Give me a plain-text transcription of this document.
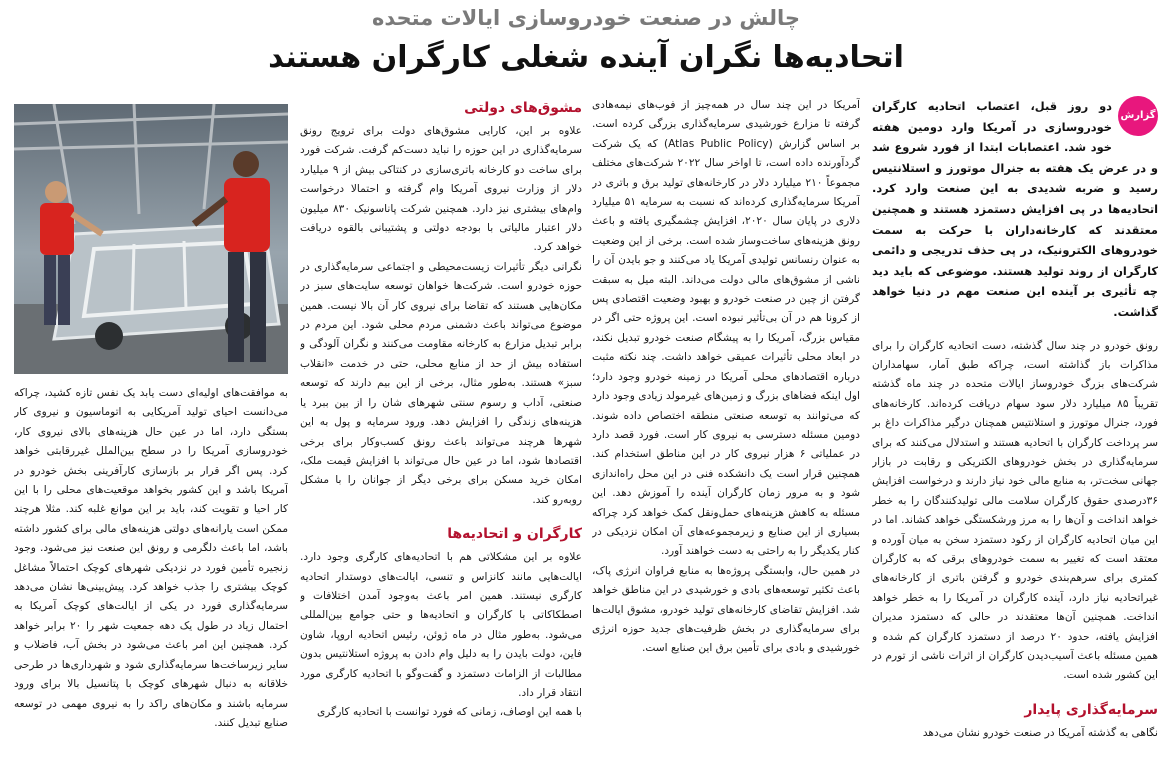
چالش در صنعت خودروسازی ایالات متحده
اتحادیه‌ها نگران آینده شغلی کارگران هستند
گزارش

دو روز قبل، اعتصاب اتحادیه کارگران خودروسازی در آمریکا وارد دومین هفته خود شد. اعتصابات ابتدا از فورد شروع شد و در عرض یک هفته به جنرال موتورز و استلانتیس رسید و ضربه شدیدی به این صنعت وارد کرد. اتحادیه‌ها در پی افزایش دستمزد هستند و همچنین معتقدند که کارخانه‌داران با حرکت به سمت خودروهای الکترونیک، در پی حذف تدریجی و دائمی کارگران از روند تولید هستند. موضوعی که باید دید چه تأثیری بر آینده این صنعت مهم در دنیا خواهد گذاشت.

رونق خودرو در چند سال گذشته، دست اتحادیه کارگران را برای مذاکرات باز گذاشته است، چراکه طبق آمار، سهامداران شرکت‌های بزرگ خودروساز ایالات متحده در چند ماه گذشته تقریباً ۸۵ میلیارد دلار سود سهام دریافت کرده‌اند. کارخانه‌های فورد، جنرال موتورز و استلانتیس همچنان درگیر مذاکرات داغ بر سر پرداخت کارگران با اتحادیه هستند و استدلال می‌کنند که برای سرمایه‌گذاری در بخش خودروهای الکتریکی و رقابت در بازار جهانی سخت‌تر، به منابع مالی خود نیاز دارند و درخواست افزایش ۳۶درصدی حقوق کارگران سلامت مالی تولیدکنندگان را به خطر خواهد انداخت و آن‌ها را به مرز ورشکستگی خواهد کشاند. اما در این میان اتحادیه کارگران از رکود دستمزد سخن به میان آورده و معتقد است که تغییر به سمت خودروهای برقی که به کارگران کمتری برای سرهم‌بندی خودرو و گرفتن باتری از کارخانه‌های غیراتحادیه نیاز دارد، آینده کارگران در آمریکا را به خطر خواهد انداخت. همچنین آن‌ها معتقدند در حالی که دستمزد مدیران افزایش یافته، حدود ۲۰ درصد از دستمزد کارگران کم شده و همین مسئله باعث آسیب‌دیدن کارگران از اثرات ناشی از تورم در این کشور شده است.

سرمایه‌گذاری پایدار

نگاهی به گذشته آمریکا در صنعت خودرو نشان می‌دهد

آمریکا در این چند سال در همه‌چیز از فوب‌های نیمه‌هادی گرفته تا مزارع خورشیدی سرمایه‌گذاری بزرگی کرده است. بر اساس گزارش (Atlas Public Policy) که یک شرکت گردآورنده داده است، تا اواخر سال ۲۰۲۲ شرکت‌های مختلف مجموعاً ۲۱۰ میلیارد دلار در کارخانه‌های تولید برق و باتری در آمریکا سرمایه‌گذاری کرده‌اند که نسبت به سرمایه ۵۱ میلیارد دلاری در پایان سال ۲۰۲۰، افزایش چشمگیری یافته و باعث رونق هزینه‌های ساخت‌وساز شده است. برخی از این وضعیت به عنوان رنسانس تولیدی آمریکا یاد می‌کنند و جو بایدن آن را ناشی از مشوق‌های مالی دولت می‌داند. البته میل به سبقت گرفتن از چین در صنعت خودرو و بهبود وضعیت اقتصادی پس از کرونا هم در آن بی‌تأثیر نبوده است. این پروژه حتی اگر در مقیاس بزرگ، آمریکا را به پیشگام صنعت خودرو تبدیل نکند، در ابعاد محلی تأثیرات عمیقی خواهد داشت. چند نکته مثبت درباره اقتصادهای محلی آمریکا در زمینه خودرو وجود دارد؛ اول اینکه فضاهای بزرگ و زمین‌های غیرمولد زیادی وجود دارد که می‌توانند به توسعه صنعتی منطقه اختصاص داده شوند. دومین مسئله دسترسی به نیروی کار است. فورد قصد دارد در عملیاتی ۶ هزار نیروی کار در این مناطق استخدام کند. همچنین قرار است یک دانشکده فنی در این محل راه‌اندازی شود و به مرور زمان کارگران آینده را آموزش دهد. این مسئله به کاهش هزینه‌های حمل‌ونقل کمک خواهد کرد چراکه بسیاری از این صنایع و زیرمجموعه‌های آن امکان نزدیکی در کنار یکدیگر را به راحتی به دست خواهند آورد.

در همین حال، وابستگی پروژه‌ها به منابع فراوان انرژی پاک، باعث تکثیر توسعه‌های بادی و خورشیدی در این مناطق خواهد شد. افزایش تقاضای کارخانه‌های تولید خودرو، مشوق ایالت‌ها برای سرمایه‌گذاری در بخش ظرفیت‌های جدید حوزه انرژی خورشیدی و بادی برای تأمین برق این صنایع است.

مشوق‌های دولتی

علاوه بر این، کارایی مشوق‌های دولت برای ترویج رونق سرمایه‌گذاری در این حوزه را نباید دست‌کم گرفت. شرکت فورد برای ساخت دو کارخانه باتری‌سازی در کنتاکی بیش از ۹ میلیارد دلار از وزارت نیروی آمریکا وام گرفته و احتمالا درخواست وام‌های بیشتری نیز دارد. همچنین شرکت پاناسونیک ۸۳۰ میلیون دلار اعتبار مالیاتی با بودجه دولتی و پشتیبانی بالقوه دریافت خواهد کرد.

نگرانی دیگر تأثیرات زیست‌محیطی و اجتماعی سرمایه‌گذاری در حوزه خودرو است. شرکت‌ها خواهان توسعه سایت‌های سبز در مکان‌هایی هستند که تقاضا برای نیروی کار آن بالا نیست. همین موضوع می‌تواند باعث دشمنی مردم محلی شود. این مردم در برابر تبدیل مزارع به کارخانه مقاومت می‌کنند و نگران آلودگی و استفاده بیش از حد از منابع محلی، حتی در خدمت «انقلاب سبز» هستند. به‌طور مثال، برخی از این بیم دارند که توسعه صنعتی، آداب و رسوم سنتی شهرهای شان را از بین ببرد یا هزینه‌های زندگی را افزایش دهد. ورود سرمایه و پول به این شهرها هرچند می‌تواند باعث رونق کسب‌وکار برای برخی اقتصادها شود، اما در عین حال می‌تواند با افزایش قیمت ملک، امکان خرید مسکن برای برخی دیگر از جوانان را با مشکل روبه‌رو کند.

کارگران و اتحادیه‌ها

علاوه بر این مشکلاتی هم با اتحادیه‌های کارگری وجود دارد. ایالت‌هایی مانند کانزاس و تنسی، ایالت‌های دوستدار اتحادیه کارگری نیستند. همین امر باعث به‌وجود آمدن اختلافات و اصطکاکاتی با کارگران و اتحادیه‌ها و حتی جوامع بین‌المللی می‌شود. به‌طور مثال در ماه ژوئن، رئیس اتحادیه اروپا، شاون فاین، دولت بایدن را به دلیل وام دادن به پروژه استلانتیس بدون مطالبات از الزامات دستمزد و گفت‌وگو با اتحادیه کارگری مورد انتقاد قرار داد.

با همه این اوصاف، زمانی که فورد توانست با اتحادیه کارگری

به موافقت‌های اولیه‌ای دست یابد یک نفس تازه کشید، چراکه می‌دانست احیای تولید آمریکایی به اتوماسیون و نیروی کار بستگی دارد، اما در عین حال هزینه‌های بالای نیروی کار، خودروسازی آمریکا را در سطح بین‌الملل غیررقابتی خواهد کرد. پس اگر قرار بر بازسازی کارآفرینی بخش خودرو در آمریکا باشد و این کشور بخواهد موقعیت‌های محلی را با این کار احیا و تقویت کند، باید بر این موانع غلبه کند. مثلا هرچند ممکن است یارانه‌های دولتی هزینه‌های مالی برای کشور داشته باشد، اما باعث دلگرمی و رونق این صنعت نیز می‌شود. وجود زنجیره تأمین فورد در نزدیکی شهرهای کوچک احتمالاً مشاغل کوچک بیشتری را جذب خواهد کرد. پیش‌بینی‌ها نشان می‌دهد سرمایه‌گذاری فورد در یکی از ایالت‌های کوچک آمریکا به احتمال زیاد در طول یک دهه جمعیت شهر را ۲۰ برابر خواهد کرد. همچنین این امر باعث می‌شود در بخش آب، فاضلاب و سایر زیرساخت‌ها سرمایه‌گذاری شود و شهرداری‌ها در طرحی خلاقانه به دنبال شهرهای کوچک با پتانسیل بالا برای ورود سرمایه باشند و مکان‌های راکد را به نیروی مهمی در توسعه صنایع تبدیل کنند.
